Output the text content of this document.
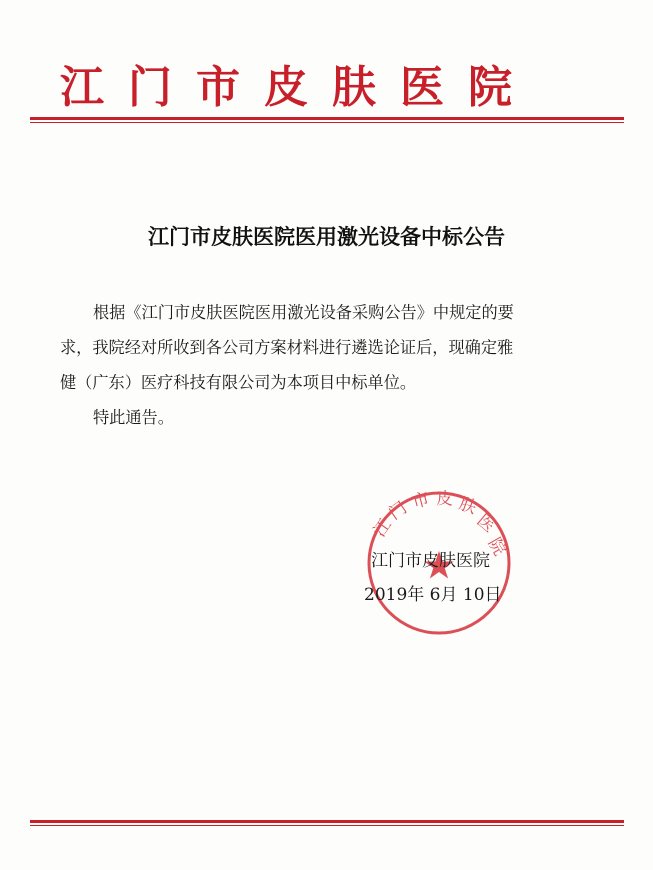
江门市皮肤医院
江门市皮肤医院医用激光设备中标公告
根据《江门市皮肤医院医用激光设备采购公告》中规定的要
求，我院经对所收到各公司方案材料进行遴选论证后，现确定雅
健（广东）医疗科技有限公司为本项目中标单位。
特此通告。
江
门 市 皮 肤
医
院
江门市皮肤医院
2019年 6月 10日
